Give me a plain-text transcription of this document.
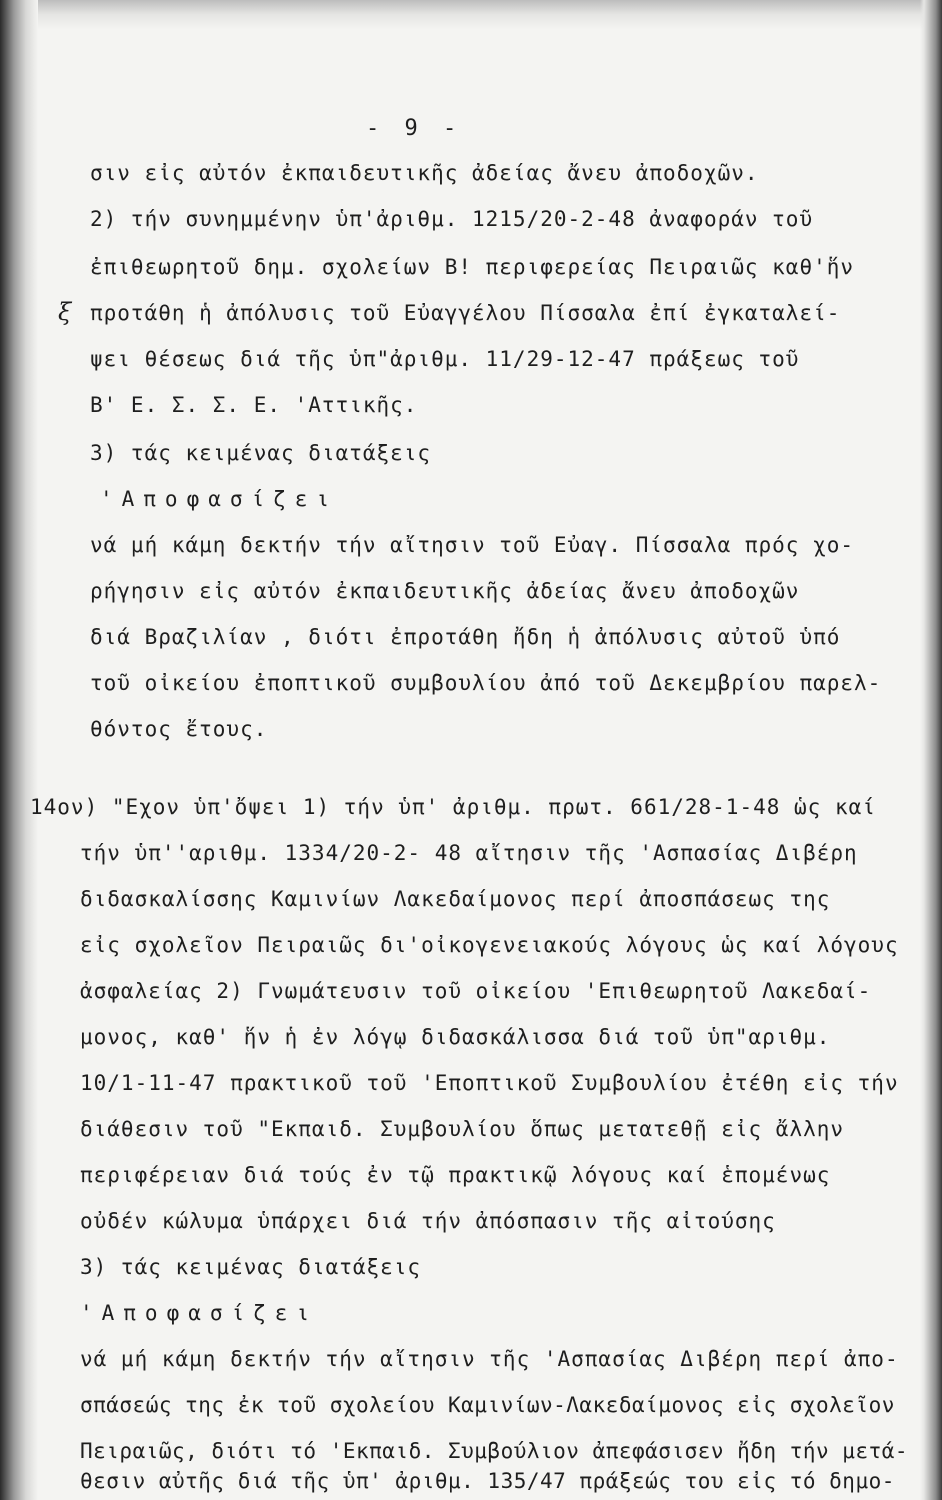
- 9 -
ξ
σιν εἰς αὐτόν ἐκπαιδευτικῆς ἀδείας ἄνευ ἀποδοχῶν.
2) τήν συνημμένην ὑπ'ἀριθμ. 1215/20-2-48 ἀναφοράν τοῦ
ἐπιθεωρητοῦ δημ. σχολείων Β! περιφερείας Πειραιῶς καθ'ἥν
προτάθη ἡ ἀπόλυσις τοῦ Εὐαγγέλου Πίσσαλα ἐπί ἐγκαταλεί-
ψει θέσεως διά τῆς ὑπ"ἀριθμ. 11/29-12-47 πράξεως τοῦ
Β' Ε. Σ. Σ. Ε. 'Αττικῆς.
3) τάς κειμένας διατάξεις
'Αποφασίζει
νά μή κάμη δεκτήν τήν αἴτησιν τοῦ Εὐαγ. Πίσσαλα πρός χο-
ρήγησιν εἰς αὐτόν ἐκπαιδευτικῆς ἀδείας ἄνευ ἀποδοχῶν
διά Βραζιλίαν , διότι ἐπροτάθη ἤδη ἡ ἀπόλυσις αὐτοῦ ὑπό
τοῦ οἰκείου ἐποπτικοῦ συμβουλίου ἀπό τοῦ Δεκεμβρίου παρελ-
θόντος ἔτους.
14ον) "Εχον ὑπ'ὄψει 1) τήν ὑπ' ἀριθμ. πρωτ. 661/28-1-48 ὡς καί
τήν ὑπ''αριθμ. 1334/20-2- 48 αἴτησιν τῆς 'Ασπασίας Διβέρη
διδασκαλίσσης Καμινίων Λακεδαίμονος περί ἀποσπάσεως της
εἰς σχολεῖον Πειραιῶς δι'οἰκογενειακούς λόγους ὡς καί λόγους
ἀσφαλείας 2) Γνωμάτευσιν τοῦ οἰκείου 'Επιθεωρητοῦ Λακεδαί-
μονος, καθ' ἥν ἡ ἐν λόγῳ διδασκάλισσα διά τοῦ ὑπ"αριθμ.
10/1-11-47 πρακτικοῦ τοῦ 'Εποπτικοῦ Συμβουλίου ἐτέθη εἰς τήν
διάθεσιν τοῦ "Εκπαιδ. Συμβουλίου ὅπως μετατεθῇ εἰς ἄλλην
περιφέρειαν διά τούς ἐν τῷ πρακτικῷ λόγους καί ἑπομένως
οὐδέν κώλυμα ὑπάρχει διά τήν ἀπόσπασιν τῆς αἰτούσης
3) τάς κειμένας διατάξεις
'Αποφασίζει
νά μή κάμη δεκτήν τήν αἴτησιν τῆς 'Ασπασίας Διβέρη περί ἀπο-
σπάσεώς της ἐκ τοῦ σχολείου Καμινίων-Λακεδαίμονος εἰς σχολεῖον
Πειραιῶς, διότι τό 'Εκπαιδ. Συμβούλιον ἀπεφάσισεν ἤδη τήν μετά-
θεσιν αὐτῆς διά τῆς ὑπ' ἀριθμ. 135/47 πράξεώς του εἰς τό δημο-
